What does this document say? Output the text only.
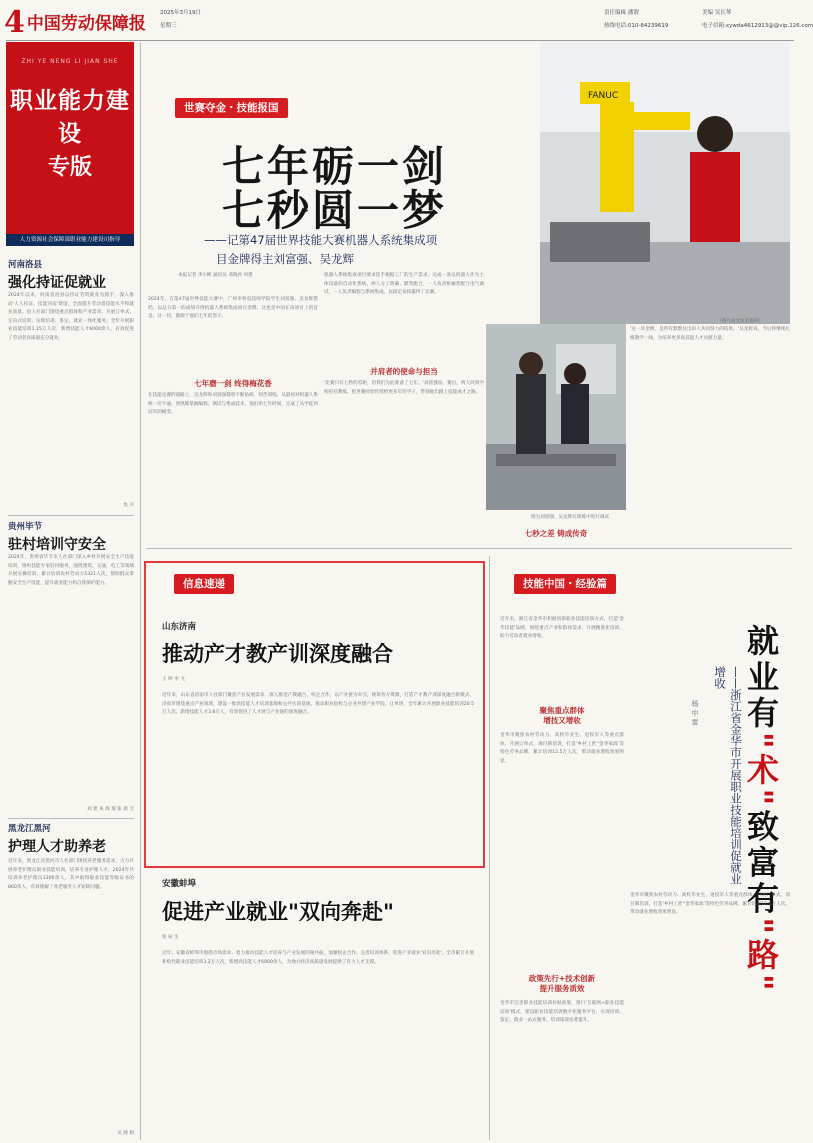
4 中国劳动保障报
2025年3月19日
星期三
责任编辑 潘谓
热线电话:010-84239619
美编 吴长琴
电子信箱:xywda4612913@@vip.126.com
ZHI YE NENG LI JIAN SHE
职业能力建设
专版
人力资源社会保障部职业能力建设司指导
河南洛县
强化持证促就业
2024年以来，河南省洛县以持证劳资就业为抓手，深入推动'人人持证、技能河南'建设，全面提升劳动者技能水平和就业质量。县人社部门围绕重点群体和产业需求，开展订单式、定向式培训，实现培训、鉴定、就业一体化服务。全年开展职业技能培训1.15万人次，新增技能人才6000余人，有效促进了劳动者高质量充分就业。
仇 兵
贵州毕节
驻村培训守安全
2024年，贵州省毕节市人社部门深入乡村开展安全生产技能培训，组织技能专家驻村服务，围绕建筑、交通、电工等领域开展实操培训，累计培训农村劳动力5321人次，帮助群众掌握安全生产技能，提升就业能力和自我保护能力。
刘 建 朱 海 瑞 张 新 天
黑龙江黑河
护理人才助养老
近年来，黑龙江省黑河市人社部门围绕养老服务需求，大力开展养老护理员职业技能培训，培养专业护理人才，2024年共培训养老护理员1200余人，其中取得职业技能等级证书的860余人，有效缓解了养老服务人才短缺问题。
吴 晓 娟
世赛夺金・技能报国
七年砺一剑
七秒圆一梦
——记第47届世界技能大赛机器人系统集成项
目金牌得主刘富强、吴龙辉
本报记者 李小彬 通讯员 邓晓亮 何建
2024年，在第47届世界技能大赛中，广州市机电技师学院学生刘富强、吴龙辉搭档，以总分第一的成绩夺得机器人系统集成项目金牌，这也是中国在该项目上的首金。这一切，都源于他们七年的坚守。
七年磨一剑 终得梅花香
在技能竞赛的道路上，吴龙辉和刘富强都曾不断钻研、刻苦训练。从最初对机器人系统一窍不通，到熟练掌握编程、调试与集成技术，他们用七年时间，完成了从学徒到冠军的蜕变。
机器人系统集成项目要求选手根据工厂的生产需求，完成一条以机器人作为主体设备的自动化系统。两人分工明确、默契配合，一人负责机械装配与电气调试，一人负责编程与系统集成，以稳定发挥赢得了比赛。
并肩者的使命与担当
'比赛只有七秒的差距，但我们为此准备了七年。'刘富强说。赛后，两人回到学校担任教练，把世赛经验传授给更多年轻学子，带领他们踏上技能成才之路。
FANUC
图为刘富强、吴龙辉在训练中进行调试
（图片由受访者提供）
'这一块金牌，是所有默默付出的人共同努力的结果。'吴龙辉说，今后将继续扎根教学一线，为培养更多高技能人才贡献力量。
七秒之差 铸成传奇
信息速递
山东济南
推动产才教产训深度融合
王 坤 李 飞
近年来，山东省济南市人社部门聚焦产业发展需求，深入推进产教融合、校企合作，以产业链为牵引，统筹各方资源，打造产才教产训深度融合新模式。济南市围绕重点产业领域，建设一批高技能人才培训基地和公共实训基地，推动职业院校与企业共建产业学院、订单班，全年累计开展职业技能培训20.5万人次，新增技能人才3.8万人，有效促进了人才链与产业链的深度融合。
安徽蚌埠
促进产业就业"双向奔赴"
张 局 生
近年，安徽省蚌埠市围绕市场需求，着力推动技能人才培养与产业发展同频共振，加强校企合作、完善培训体系，促进产业就业'双向奔赴'。全市累计开展补贴性职业技能培训3.2万人次，新增高技能人才6800余人，为地方经济高质量发展提供了有力人才支撑。
技能中国・经验篇
近年来，浙江省金华市积极创新职业技能培训方式，打造'金华技能'品牌，围绕重点产业和群体需求，开展精准化培训，助力劳动者就业增收。
聚焦重点群体
增技又增收
金华市聚焦农村劳动力、高校毕业生、退役军人等重点群体，开展订单式、项目制培训，打造'乡村工匠''金华家政'等特色劳务品牌，累计培训12.5万人次，带动就业增收效果明显。
政策先行+技术创新
提升服务质效
金华市完善职业技能培训补贴政策，推行'互联网+职业技能培训'模式，建设职业技能培训数字化服务平台，实现培训、鉴定、就业一站式服务，培训质效显著提升。
就业有"术"致富有"路"
——浙江省金华市开展职业技能培训促就业增收
杨 中 雷
金华市聚焦农村劳动力、高校毕业生、退役军人等重点群体，开展订单式、项目制培训，打造'乡村工匠''金华家政'等特色劳务品牌，累计培训12.5万人次，带动就业增收效果明显。
